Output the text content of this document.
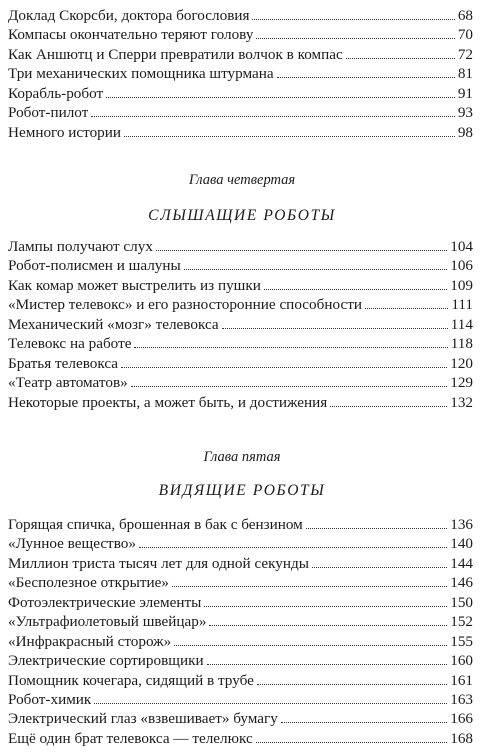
Доклад Скорсби, доктора богословия	68
Компасы окончательно теряют голову	70
Как Аншютц и Сперри превратили волчок в компас	72
Три механических помощника штурмана	81
Корабль-робот	91
Робот-пилот	93
Немного истории	98
Глава четвертая
СЛЫШАЩИЕ РОБОТЫ
Лампы получают слух	104
Робот-полисмен и шалуны	106
Как комар может выстрелить из пушки	109
«Мистер телевокс» и его разносторонние способности	111
Механический «мозг» телевокса	114
Телевокс на работе	118
Братья телевокса	120
«Театр автоматов»	129
Некоторые проекты, а может быть, и достижения	132
Глава пятая
ВИДЯЩИЕ РОБОТЫ
Горящая спичка, брошенная в бак с бензином	136
«Лунное вещество»	140
Миллион триста тысяч лет для одной секунды	144
«Бесполезное открытие»	146
Фотоэлектрические элементы	150
«Ультрафиолетовый швейцар»	152
«Инфракрасный сторож»	155
Электрические сортировщики	160
Помощник кочегара, сидящий в трубе	161
Робот-химик	163
Электрический глаз «взвешивает» бумагу	166
Ещё один брат телевокса — телелюкс	168
